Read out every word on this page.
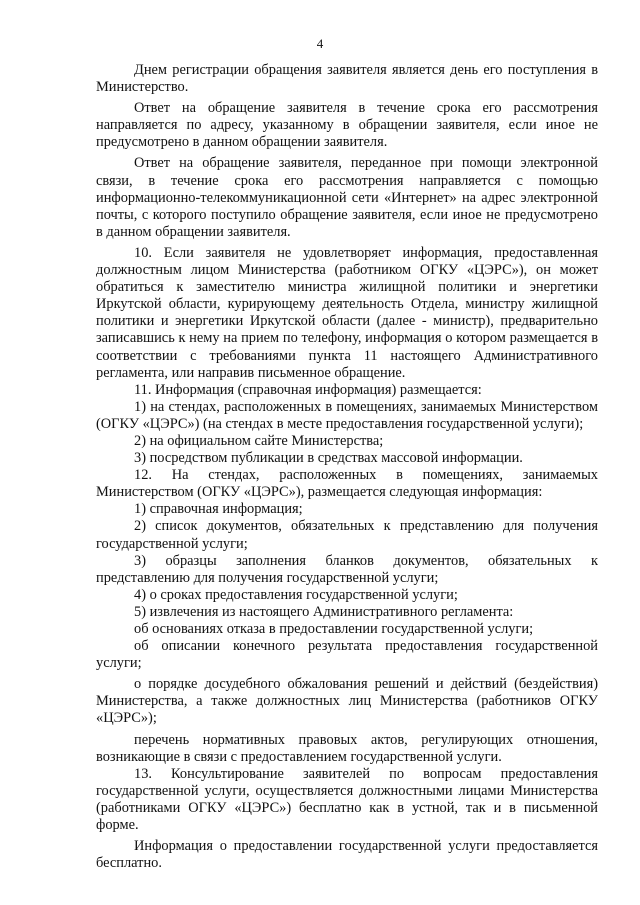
4

Днем регистрации обращения заявителя является день его поступления в Министерство.

Ответ на обращение заявителя в течение срока его рассмотрения направляется по адресу, указанному в обращении заявителя, если иное не предусмотрено в данном обращении заявителя.

Ответ на обращение заявителя, переданное при помощи электронной связи, в течение срока его рассмотрения направляется с помощью информационно-телекоммуникационной сети «Интернет» на адрес электронной почты, с которого поступило обращение заявителя, если иное не предусмотрено в данном обращении заявителя.

10. Если заявителя не удовлетворяет информация, предоставленная должностным лицом Министерства (работником ОГКУ «ЦЭРС»), он может обратиться к заместителю министра жилищной политики и энергетики Иркутской области, курирующему деятельность Отдела, министру жилищной политики и энергетики Иркутской области (далее - министр), предварительно записавшись к нему на прием по телефону, информация о котором размещается в соответствии с требованиями пункта 11 настоящего Административного регламента, или направив письменное обращение.

11. Информация (справочная информация) размещается:

1) на стендах, расположенных в помещениях, занимаемых Министерством (ОГКУ «ЦЭРС») (на стендах в месте предоставления государственной услуги);

2) на официальном сайте Министерства;

3) посредством публикации в средствах массовой информации.

12. На стендах, расположенных в помещениях, занимаемых Министерством (ОГКУ «ЦЭРС»), размещается следующая информация:

1) справочная информация;

2) список документов, обязательных к представлению для получения государственной услуги;

3) образцы заполнения бланков документов, обязательных к представлению для получения государственной услуги;

4) о сроках предоставления государственной услуги;

5) извлечения из настоящего Административного регламента:

об основаниях отказа в предоставлении государственной услуги;

об описании конечного результата предоставления государственной услуги;

о порядке досудебного обжалования решений и действий (бездействия) Министерства, а также должностных лиц Министерства (работников ОГКУ «ЦЭРС»);

перечень нормативных правовых актов, регулирующих отношения, возникающие в связи с предоставлением государственной услуги.

13. Консультирование заявителей по вопросам предоставления государственной услуги, осуществляется должностными лицами Министерства (работниками ОГКУ «ЦЭРС») бесплатно как в устной, так и в письменной форме.

Информация о предоставлении государственной услуги предоставляется бесплатно.
